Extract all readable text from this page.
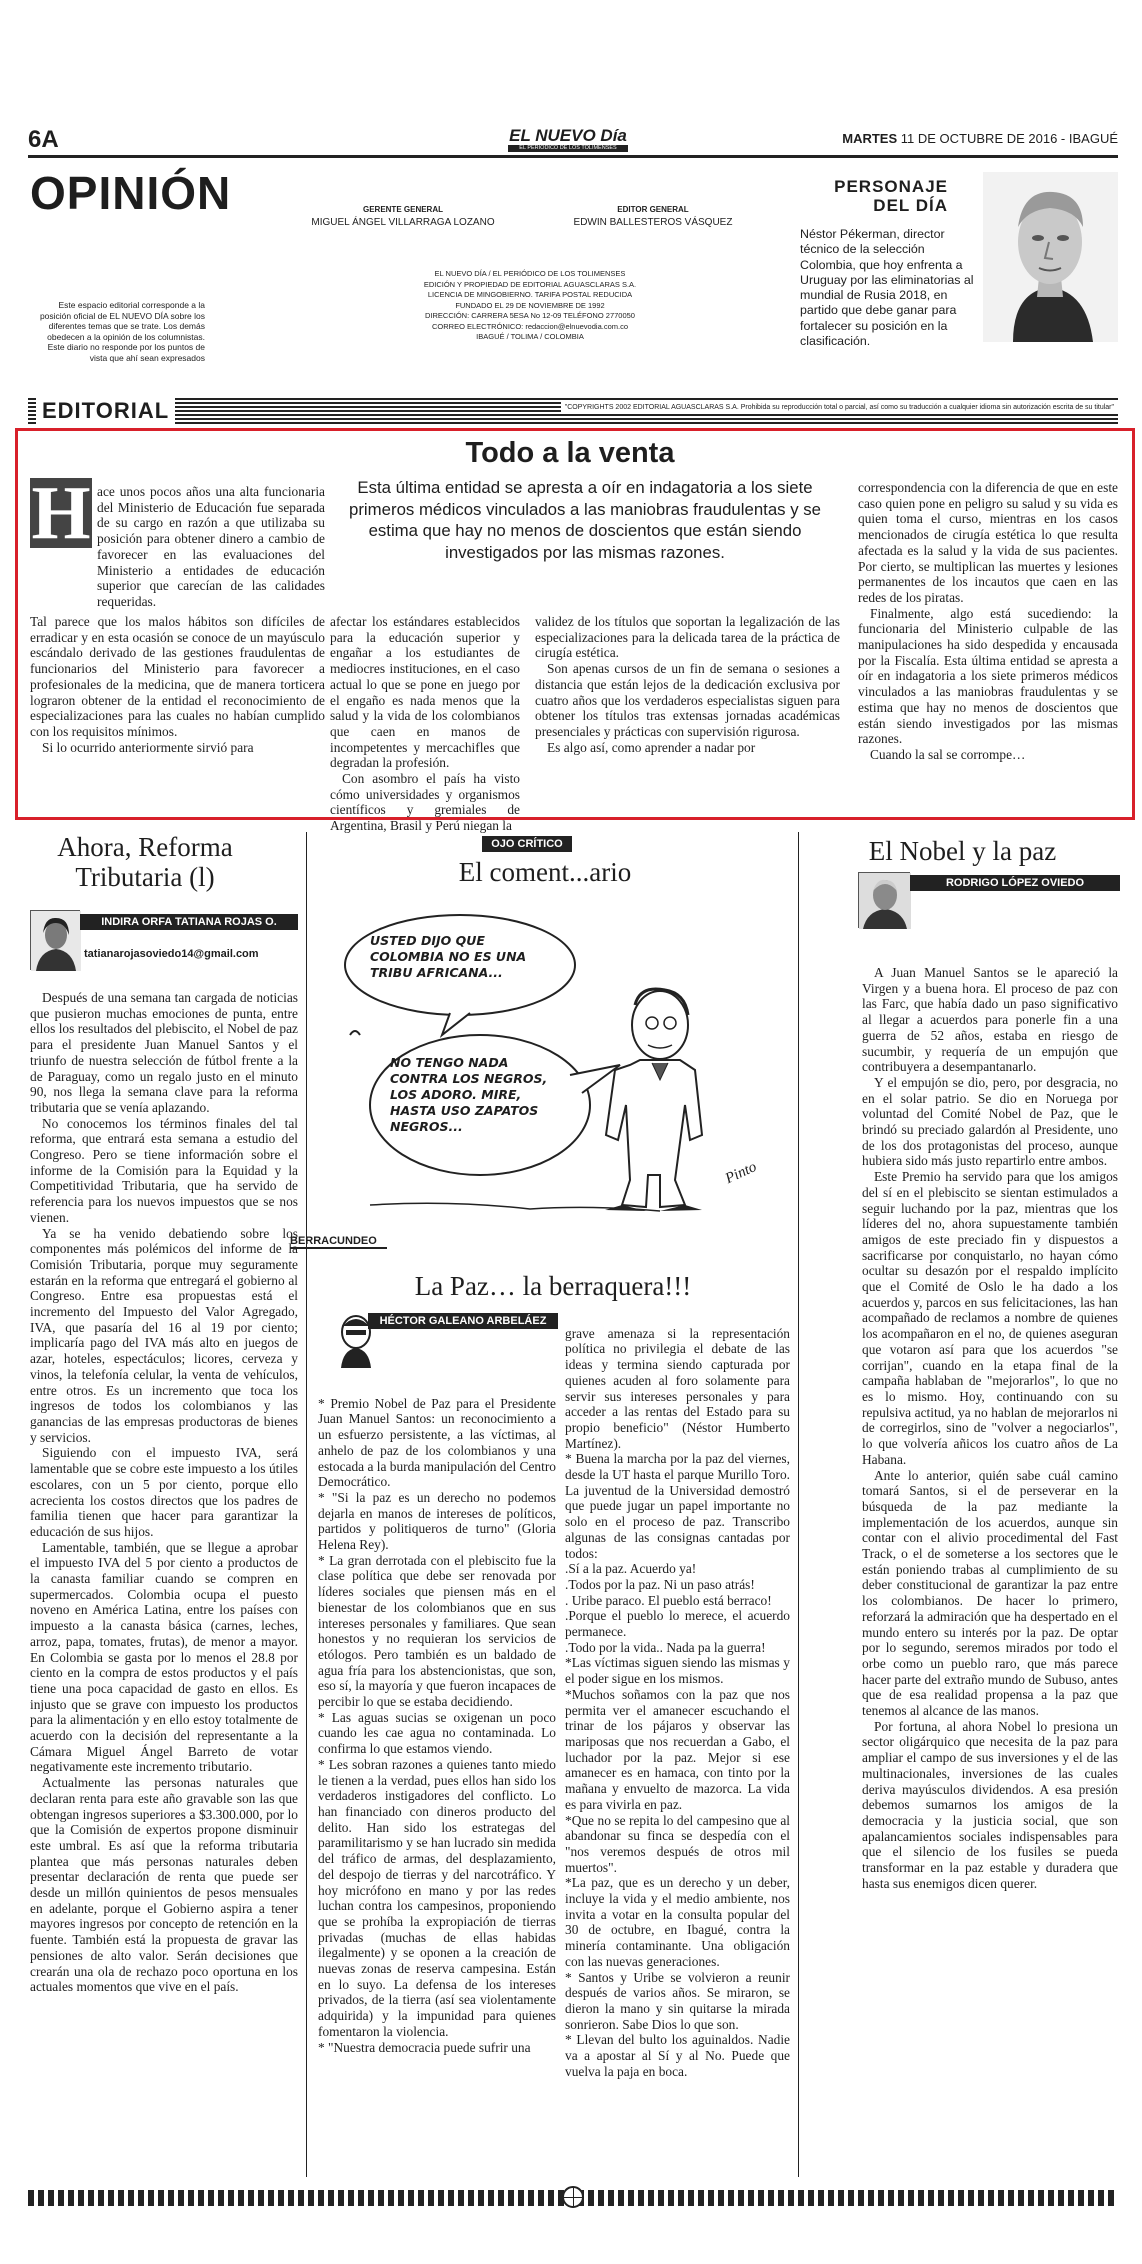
6A	EL NUEVO Día
EL PERIÓDICO DE LOS TOLIMENSES
MARTES 11 DE OCTUBRE DE 2016 - IBAGUÉ
OPINIÓN
Este espacio editorial corresponde a la posición oficial de EL NUEVO DÍA sobre los diferentes temas que se trate. Los demás obedecen a la opinión de los columnistas. Este diario no responde por los puntos de vista que ahí sean expresados
GERENTE GENERAL
MIGUEL ÁNGEL VILLARRAGA LOZANO
EDITOR GENERAL
EDWIN BALLESTEROS VÁSQUEZ
EL NUEVO DÍA / EL PERIÓDICO DE LOS TOLIMENSES
EDICIÓN Y PROPIEDAD DE EDITORIAL AGUASCLARAS S.A.
LICENCIA DE MINGOBIERNO. TARIFA POSTAL REDUCIDA
FUNDADO EL 29 DE NOVIEMBRE DE 1992
DIRECCIÓN: CARRERA 5ESA No 12-09 TELÉFONO 2770050
CORREO ELECTRÓNICO: redaccion@elnuevodia.com.co
IBAGUÉ / TOLIMA / COLOMBIA
PERSONAJE
DEL DÍA
Néstor Pékerman, director técnico de la selección Colombia, que hoy enfrenta a Uruguay por las eliminatorias al mundial de Rusia 2018, en partido que debe ganar para fortalecer su posición en la clasificación.
EDITORIAL	"COPYRIGHTS 2002 EDITORIAL AGUASCLARAS S.A. Prohibida su reproducción total o parcial, así como su traducción a cualquier idioma sin autorización escrita de su titular"
Todo a la venta
Esta última entidad se apresta a oír en indagatoria a los siete primeros médicos vinculados a las maniobras fraudulentas y se estima que hay no menos de doscientos que están siendo investigados por las mismas razones.
H ace unos pocos años una alta funcionaria del Ministerio de Educación fue separada de su cargo en razón a que utilizaba su posición para obtener dinero a cambio de favorecer en las evaluaciones del Ministerio a entidades de educación superior que carecían de las calidades requeridas.

Tal parece que los malos hábitos son difíciles de erradicar y en esta ocasión se conoce de un mayúsculo escándalo derivado de las gestiones fraudulentas de funcionarios del Ministerio para favorecer a profesionales de la medicina, que de manera torticera lograron obtener de la entidad el reconocimiento de especializaciones para las cuales no habían cumplido con los requisitos mínimos.

Si lo ocurrido anteriormente sirvió para

afectar los estándares establecidos para la educación superior y engañar a los estudiantes de mediocres instituciones, en el caso actual lo que se pone en juego por el engaño es nada menos que la salud y la vida de los colombianos que caen en manos de incompetentes y mercachifles que degradan la profesión.

Con asombro el país ha visto cómo universidades y organismos científicos y gremiales de Argentina, Brasil y Perú niegan la

validez de los títulos que soportan la legalización de las especializaciones para la delicada tarea de la práctica de cirugía estética.

Son apenas cursos de un fin de semana o sesiones a distancia que están lejos de la dedicación exclusiva por cuatro años que los verdaderos especialistas siguen para obtener los títulos tras extensas jornadas académicas presenciales y prácticas con supervisión rigurosa.

Es algo así, como aprender a nadar por

correspondencia con la diferencia de que en este caso quien pone en peligro su salud y su vida es quien toma el curso, mientras en los casos mencionados de cirugía estética lo que resulta afectada es la salud y la vida de sus pacientes. Por cierto, se multiplican las muertes y lesiones permanentes de los incautos que caen en las redes de los piratas.

Finalmente, algo está sucediendo: la funcionaria del Ministerio culpable de las manipulaciones ha sido despedida y encausada por la Fiscalía. Esta última entidad se apresta a oír en indagatoria a los siete primeros médicos vinculados a las maniobras fraudulentas y se estima que hay no menos de doscientos que están siendo investigados por las mismas razones.

Cuando la sal se corrompe…

Ahora, Reforma Tributaria (l)
INDIRA ORFA TATIANA ROJAS O.
tatianarojasoviedo14@gmail.com

Después de una semana tan cargada de noticias que pusieron muchas emociones de punta, entre ellos los resultados del plebiscito, el Nobel de paz para el presidente Juan Manuel Santos y el triunfo de nuestra selección de fútbol frente a la de Paraguay, como un regalo justo en el minuto 90, nos llega la semana clave para la reforma tributaria que se venía aplazando.

No conocemos los términos finales del tal reforma, que entrará esta semana a estudio del Congreso. Pero se tiene información sobre el informe de la Comisión para la Equidad y la Competitividad Tributaria, que ha servido de referencia para los nuevos impuestos que se nos vienen.

Ya se ha venido debatiendo sobre los componentes más polémicos del informe de la Comisión Tributaria, porque muy seguramente estarán en la reforma que entregará el gobierno al Congreso. Entre esa propuestas está el incremento del Impuesto del Valor Agregado, IVA, que pasaría del 16 al 19 por ciento; implicaría pago del IVA más alto en juegos de azar, hoteles, espectáculos; licores, cerveza y vinos, la telefonía celular, la venta de vehículos, entre otros. Es un incremento que toca los ingresos de todos los colombianos y las ganancias de las empresas productoras de bienes y servicios.

Siguiendo con el impuesto IVA, será lamentable que se cobre este impuesto a los útiles escolares, con un 5 por ciento, porque ello acrecienta los costos directos que los padres de familia tienen que hacer para garantizar la educación de sus hijos.

Lamentable, también, que se llegue a aprobar el impuesto IVA del 5 por ciento a productos de la canasta familiar cuando se compren en supermercados. Colombia ocupa el puesto noveno en América Latina, entre los países con impuesto a la canasta básica (carnes, leches, arroz, papa, tomates, frutas), de menor a mayor. En Colombia se gasta por lo menos el 28.8 por ciento en la compra de estos productos y el país tiene una poca capacidad de gasto en ellos. Es injusto que se grave con impuesto los productos para la alimentación y en ello estoy totalmente de acuerdo con la decisión del representante a la Cámara Miguel Ángel Barreto de votar negativamente este incremento tributario.

Actualmente las personas naturales que declaran renta para este año gravable son las que obtengan ingresos superiores a $3.300.000, por lo que la Comisión de expertos propone disminuir este umbral. Es así que la reforma tributaria plantea que más personas naturales deben presentar declaración de renta que puede ser desde un millón quinientos de pesos mensuales en adelante, porque el Gobierno aspira a tener mayores ingresos por concepto de retención en la fuente. También está la propuesta de gravar las pensiones de alto valor. Serán decisiones que crearán una ola de rechazo poco oportuna en los actuales momentos que vive en el país.

OJO CRÍTICO
El coment...ario
USTED DIJO QUE COLOMBIA NO ES UNA TRIBU AFRICANA...
NO TENGO NADA CONTRA LOS NEGROS, LOS ADORO. MIRE, HASTA USO ZAPATOS NEGROS...
Pinto
BERRACUNDEO
La Paz… la berraquera!!!
HÉCTOR GALEANO ARBELÁEZ

* Premio Nobel de Paz para el Presidente Juan Manuel Santos: un reconocimiento a un esfuerzo persistente, a las víctimas, al anhelo de paz de los colombianos y una estocada a la burda manipulación del Centro Democrático.
* "Si la paz es un derecho no podemos dejarla en manos de intereses de políticos, partidos y politiqueros de turno" (Gloria Helena Rey).
* La gran derrotada con el plebiscito fue la clase política que debe ser renovada por líderes sociales que piensen más en el bienestar de los colombianos que en sus intereses personales y familiares. Que sean honestos y no requieran los servicios de etólogos. Pero también es un baldado de agua fría para los abstencionistas, que son, eso sí, la mayoría y que fueron incapaces de percibir lo que se estaba decidiendo.
* Las aguas sucias se oxigenan un poco cuando les cae agua no contaminada. Lo confirma lo que estamos viendo.
* Les sobran razones a quienes tanto miedo le tienen a la verdad, pues ellos han sido los verdaderos instigadores del conflicto. Lo han financiado con dineros producto del delito. Han sido los estrategas del paramilitarismo y se han lucrado sin medida del tráfico de armas, del desplazamiento, del despojo de tierras y del narcotráfico. Y hoy micrófono en mano y por las redes luchan contra los campesinos, proponiendo que se prohíba la expropiación de tierras privadas (muchas de ellas habidas ilegalmente) y se oponen a la creación de nuevas zonas de reserva campesina. Están en lo suyo. La defensa de los intereses privados, de la tierra (así sea violentamente adquirida) y la impunidad para quienes fomentaron la violencia.
* "Nuestra democracia puede sufrir una

grave amenaza si la representación política no privilegia el debate de las ideas y termina siendo capturada por quienes acuden al foro solamente para servir sus intereses personales y para acceder a las rentas del Estado para su propio beneficio" (Néstor Humberto Martínez).
* Buena la marcha por la paz del viernes, desde la UT hasta el parque Murillo Toro. La juventud de la Universidad demostró que puede jugar un papel importante no solo en el proceso de paz. Transcribo algunas de las consignas cantadas por todos:
.Sí a la paz. Acuerdo ya!
.Todos por la paz. Ni un paso atrás!
. Uribe paraco. El pueblo está berraco!
.Porque el pueblo lo merece, el acuerdo permanece.
.Todo por la vida.. Nada pa la guerra!
*Las víctimas siguen siendo las mismas y el poder sigue en los mismos.
*Muchos soñamos con la paz que nos permita ver el amanecer escuchando el trinar de los pájaros y observar las mariposas que nos recuerdan a Gabo, el luchador por la paz. Mejor si ese amanecer es en hamaca, con tinto por la mañana y envuelto de mazorca. La vida es para vivirla en paz.
*Que no se repita lo del campesino que al abandonar su finca se despedía con el "nos veremos después de otros mil muertos".
*La paz, que es un derecho y un deber, incluye la vida y el medio ambiente, nos invita a votar en la consulta popular del 30 de octubre, en Ibagué, contra la minería contaminante. Una obligación con las nuevas generaciones.
* Santos y Uribe se volvieron a reunir después de varios años. Se miraron, se dieron la mano y sin quitarse la mirada sonrieron. Sabe Dios lo que son.
* Llevan del bulto los aguinaldos. Nadie va a apostar al Sí y al No. Puede que vuelva la paja en boca.

El Nobel y la paz
RODRIGO LÓPEZ OVIEDO

A Juan Manuel Santos se le apareció la Virgen y a buena hora. El proceso de paz con las Farc, que había dado un paso significativo al llegar a acuerdos para ponerle fin a una guerra de 52 años, estaba en riesgo de sucumbir, y requería de un empujón que contribuyera a desempantanarlo.

Y el empujón se dio, pero, por desgracia, no en el solar patrio. Se dio en Noruega por voluntad del Comité Nobel de Paz, que le brindó su preciado galardón al Presidente, uno de los dos protagonistas del proceso, aunque hubiera sido más justo repartirlo entre ambos.

Este Premio ha servido para que los amigos del sí en el plebiscito se sientan estimulados a seguir luchando por la paz, mientras que los líderes del no, ahora supuestamente también amigos de este preciado fin y dispuestos a sacrificarse por conquistarlo, no hayan cómo ocultar su desazón por el respaldo implícito que el Comité de Oslo le ha dado a los acuerdos y, parcos en sus felicitaciones, las han acompañado de reclamos a nombre de quienes los acompañaron en el no, de quienes aseguran que votaron así para que los acuerdos "se corrijan", cuando en la etapa final de la campaña hablaban de "mejorarlos", lo que no es lo mismo. Hoy, continuando con su repulsiva actitud, ya no hablan de mejorarlos ni de corregirlos, sino de "volver a negociarlos", lo que volvería añicos los cuatro años de La Habana.

Ante lo anterior, quién sabe cuál camino tomará Santos, si el de perseverar en la búsqueda de la paz mediante la implementación de los acuerdos, aunque sin contar con el alivio procedimental del Fast Track, o el de someterse a los sectores que le están poniendo trabas al cumplimiento de su deber constitucional de garantizar la paz entre los colombianos. De hacer lo primero, reforzará la admiración que ha despertado en el mundo entero su interés por la paz. De optar por lo segundo, seremos mirados por todo el orbe como un pueblo raro, que más parece hacer parte del extraño mundo de Subuso, antes que de esa realidad propensa a la paz que tenemos al alcance de las manos.

Por fortuna, al ahora Nobel lo presiona un sector oligárquico que necesita de la paz para ampliar el campo de sus inversiones y el de las multinacionales, inversiones de las cuales deriva mayúsculos dividendos. A esa presión debemos sumarnos los amigos de la democracia y la justicia social, que son apalancamientos sociales indispensables para que el silencio de los fusiles se pueda transformar en la paz estable y duradera que hasta sus enemigos dicen querer.
